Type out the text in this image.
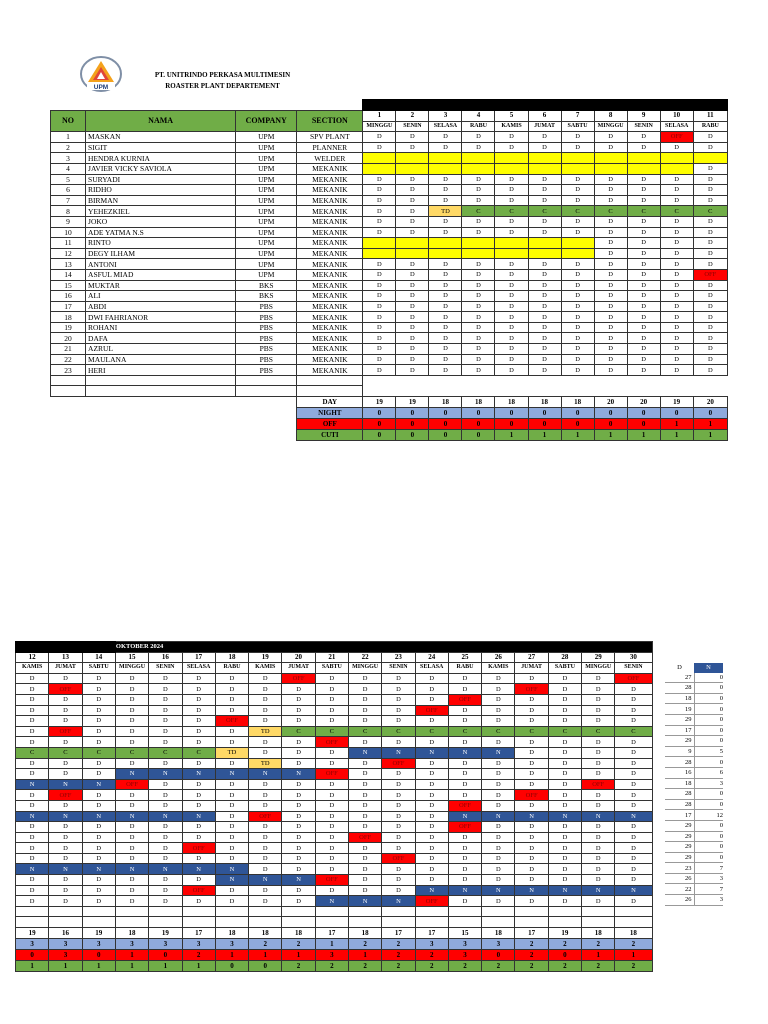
UPM
PT. UNITRINDO PERKASA MULTIMESIN
ROASTER PLANT DEPARTEMENT

NO	NAMA	COMPANY	SECTION	1	2	3	4	5	6	7	8	9	10	11
				MINGGU	SENIN	SELASA	RABU	KAMIS	JUMAT	SABTU	MINGGU	SENIN	SELASA	RABU
1	MASKAN	UPM	SPV PLANT	D	D	D	D	D	D	D	D	D	OFF	D
2	SIGIT	UPM	PLANNER	D	D	D	D	D	D	D	D	D	D	D
3	HENDRA KURNIA	UPM	WELDER											
4	JAVIER VICKY SAVIOLA	UPM	MEKANIK											D
5	SURYADI	UPM	MEKANIK	D	D	D	D	D	D	D	D	D	D	D
6	RIDHO	UPM	MEKANIK	D	D	D	D	D	D	D	D	D	D	D
7	BIRMAN	UPM	MEKANIK	D	D	D	D	D	D	D	D	D	D	D
8	YEHEZKIEL	UPM	MEKANIK	D	D	TD	C	C	C	C	C	C	C	C
9	JOKO	UPM	MEKANIK	D	D	D	D	D	D	D	D	D	D	D
10	ADE YATMA N.S	UPM	MEKANIK	D	D	D	D	D	D	D	D	D	D	D
11	RINTO	UPM	MEKANIK								D	D	D	D
12	DEGY ILHAM	UPM	MEKANIK								D	D	D	D
13	ANTONI	UPM	MEKANIK	D	D	D	D	D	D	D	D	D	D	D
14	ASFUL MIAD	UPM	MEKANIK	D	D	D	D	D	D	D	D	D	D	OFF
15	MUKTAR	BKS	MEKANIK	D	D	D	D	D	D	D	D	D	D	D
16	ALI	BKS	MEKANIK	D	D	D	D	D	D	D	D	D	D	D
17	ABDI	PBS	MEKANIK	D	D	D	D	D	D	D	D	D	D	D
18	DWI FAHRIANOR	PBS	MEKANIK	D	D	D	D	D	D	D	D	D	D	D
19	ROHANI	PBS	MEKANIK	D	D	D	D	D	D	D	D	D	D	D
20	DAFA	PBS	MEKANIK	D	D	D	D	D	D	D	D	D	D	D
21	AZRUL	PBS	MEKANIK	D	D	D	D	D	D	D	D	D	D	D
22	MAULANA	PBS	MEKANIK	D	D	D	D	D	D	D	D	D	D	D
23	HERI	PBS	MEKANIK	D	D	D	D	D	D	D	D	D	D	D

			DAY	19	19	18	18	18	18	18	20	20	19	20
			NIGHT	0	0	0	0	0	0	0	0	0	0	0
			OFF	0	0	0	0	0	0	0	0	0	1	1
			CUTI	0	0	0	0	1	1	1	1	1	1	1
			OKTOBER 2024															
12	13	14	15	16	17	18	19	20	21	22	23	24	25	26	27	28	29	30
KAMIS	JUMAT	SABTU	MINGGU	SENIN	SELASA	RABU	KAMIS	JUMAT	SABTU	MINGGU	SENIN	SELASA	RABU	KAMIS	JUMAT	SABTU	MINGGU	SENIN
D	D	D	D	D	D	D	D	OFF	D	D	D	D	D	D	D	D	D	OFF
D	OFF	D	D	D	D	D	D	D	D	D	D	D	D	D	OFF	D	D	D
D	D	D	D	D	D	D	D	D	D	D	D	D	OFF	D	D	D	D	D
D	D	D	D	D	D	D	D	D	D	D	D	OFF	D	D	D	D	D	D
D	D	D	D	D	D	OFF	D	D	D	D	D	D	D	D	D	D	D	D
D	OFF	D	D	D	D	D	TD	C	C	C	C	C	C	C	C	C	C	C
D	D	D	D	D	D	D	D	D	OFF	D	D	D	D	D	D	D	D	D
C	C	C	C	C	C	TD	D	D	D	N	N	N	N	N	D	D	D	D
D	D	D	D	D	D	D	TD	D	D	D	OFF	D	D	D	D	D	D	D
D	D	D	N	N	N	N	N	N	OFF	D	D	D	D	D	D	D	D	D
N	N	N	OFF	D	D	D	D	D	D	D	D	D	D	D	D	D	OFF	D
D	OFF	D	D	D	D	D	D	D	D	D	D	D	D	D	OFF	D	D	D
D	D	D	D	D	D	D	D	D	D	D	D	D	OFF	D	D	D	D	D
N	N	N	N	N	N	D	OFF	D	D	D	D	D	N	N	N	N	N	N
D	D	D	D	D	D	D	D	D	D	D	D	D	OFF	D	D	D	D	D
D	D	D	D	D	D	D	D	D	D	OFF	D	D	D	D	D	D	D	D
D	D	D	D	D	OFF	D	D	D	D	D	D	D	D	D	D	D	D	D
D	D	D	D	D	D	D	D	D	D	D	OFF	D	D	D	D	D	D	D
N	N	N	N	N	N	N	D	D	D	D	D	D	D	D	D	D	D	D
D	D	D	D	D	D	N	N	N	OFF	D	D	D	D	D	D	D	D	D
D	D	D	D	D	OFF	D	D	D	D	D	D	N	N	N	N	N	N	N
D	D	D	D	D	D	D	D	D	N	N	N	OFF	D	D	D	D	D	D

19	16	19	18	19	17	18	18	18	17	18	17	17	15	18	17	19	18	18
3	3	3	3	3	3	3	2	2	1	2	2	3	3	3	2	2	2	2
0	3	0	1	0	2	1	1	1	3	1	2	2	3	0	2	0	1	1
1	1	1	1	1	1	0	0	2	2	2	2	2	2	2	2	2	2	2
D	N
27	0
28	0
18	0
19	0
29	0
17	0
29	0
9	5
28	0
16	6
18	3
28	0
28	0
17	12
29	0
29	0
29	0
29	0
23	7
26	3
22	7
26	3
